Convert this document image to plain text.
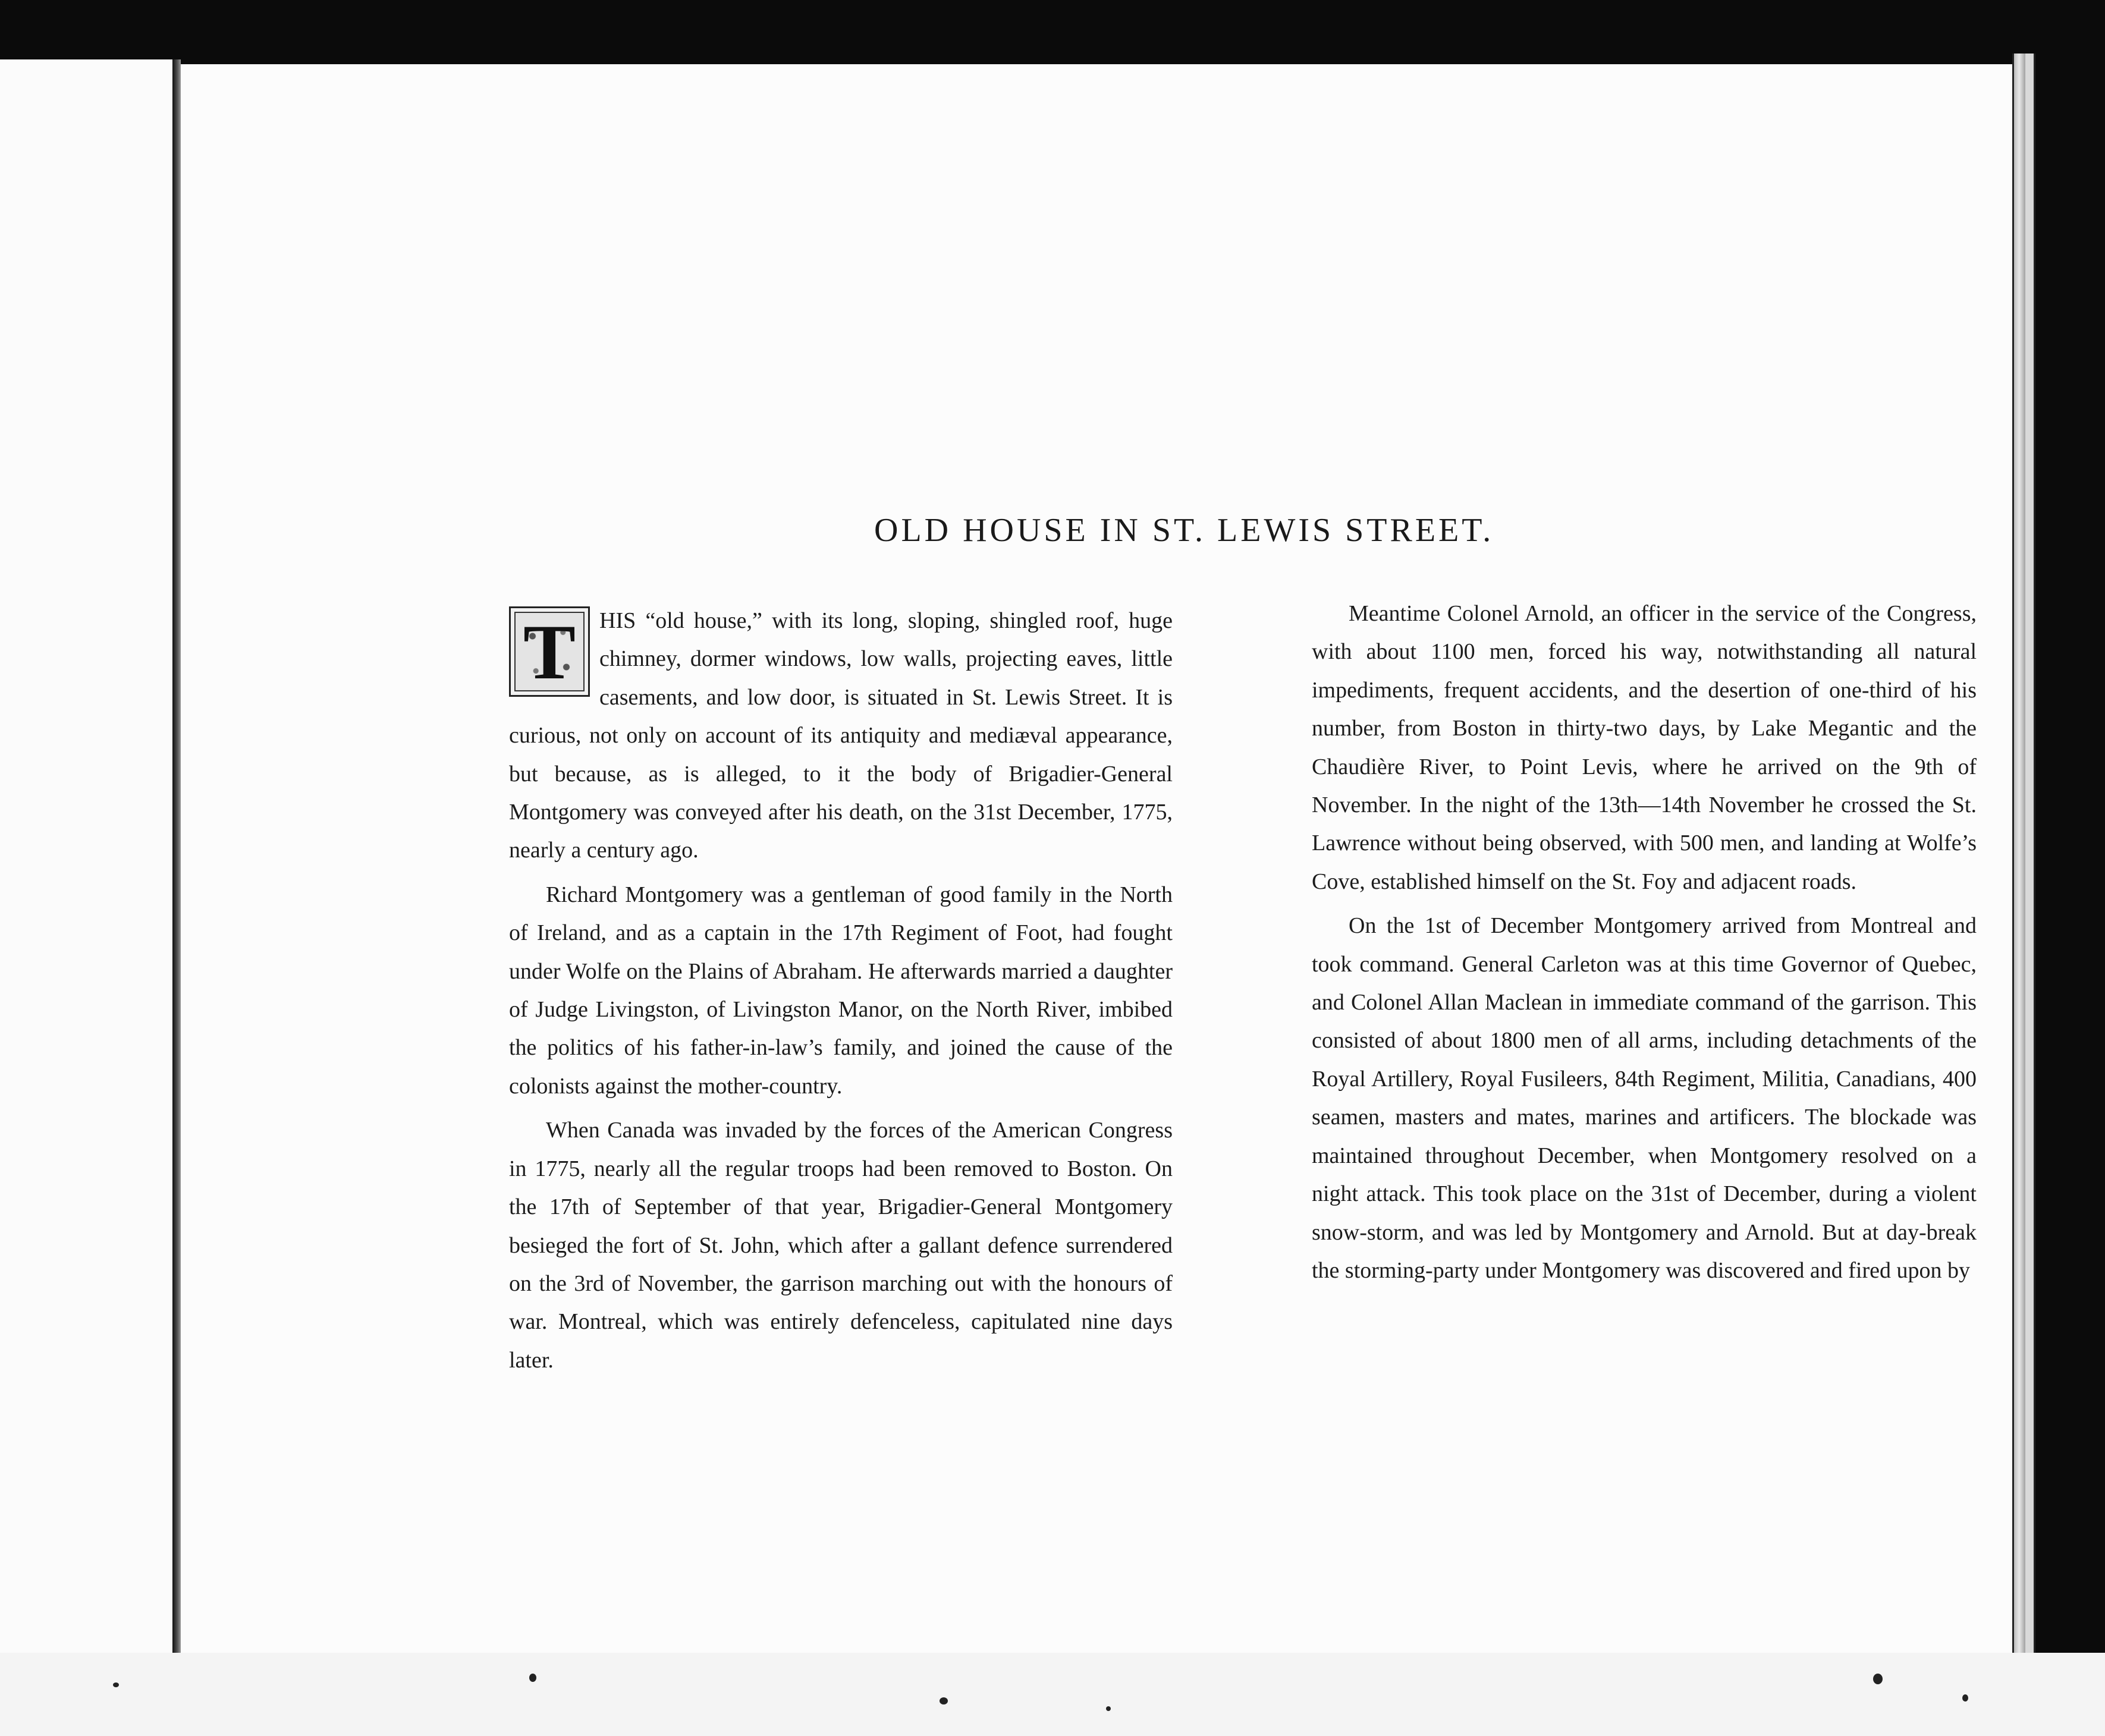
OLD HOUSE IN ST. LEWIS STREET.

T	HIS “old house,” with its long, sloping, shingled roof, huge chimney, dormer windows, low walls, projecting eaves, little casements, and low door, is situated in St. Lewis Street. It is curious, not only on account of its antiquity and mediæval appearance, but because, as is alleged, to it the body of Brigadier-General Montgomery was conveyed after his death, on the 31st December, 1775, nearly a century ago.

Richard Montgomery was a gentleman of good family in the North of Ireland, and as a captain in the 17th Regiment of Foot, had fought under Wolfe on the Plains of Abraham. He afterwards married a daughter of Judge Livingston, of Livingston Manor, on the North River, imbibed the politics of his father-in-law’s family, and joined the cause of the colonists against the mother-country.

When Canada was invaded by the forces of the American Congress in 1775, nearly all the regular troops had been removed to Boston. On the 17th of September of that year, Brigadier-General Montgomery besieged the fort of St. John, which after a gallant defence surrendered on the 3rd of November, the garrison marching out with the honours of war. Montreal, which was entirely defenceless, capitulated nine days later.

Meantime Colonel Arnold, an officer in the service of the Congress, with about 1100 men, forced his way, notwithstanding all natural impediments, frequent accidents, and the desertion of one-third of his number, from Boston in thirty-two days, by Lake Megantic and the Chaudière River, to Point Levis, where he arrived on the 9th of November. In the night of the 13th—14th November he crossed the St. Lawrence without being observed, with 500 men, and landing at Wolfe’s Cove, established himself on the St. Foy and adjacent roads.

On the 1st of December Montgomery arrived from Montreal and took command. General Carleton was at this time Governor of Quebec, and Colonel Allan Maclean in immediate command of the garrison. This consisted of about 1800 men of all arms, including detachments of the Royal Artillery, Royal Fusileers, 84th Regiment, Militia, Canadians, 400 seamen, masters and mates, marines and artificers. The blockade was maintained throughout December, when Montgomery resolved on a night attack. This took place on the 31st of December, during a violent snow-storm, and was led by Montgomery and Arnold. But at day-break the storming-party under Montgomery was discovered and fired upon by
